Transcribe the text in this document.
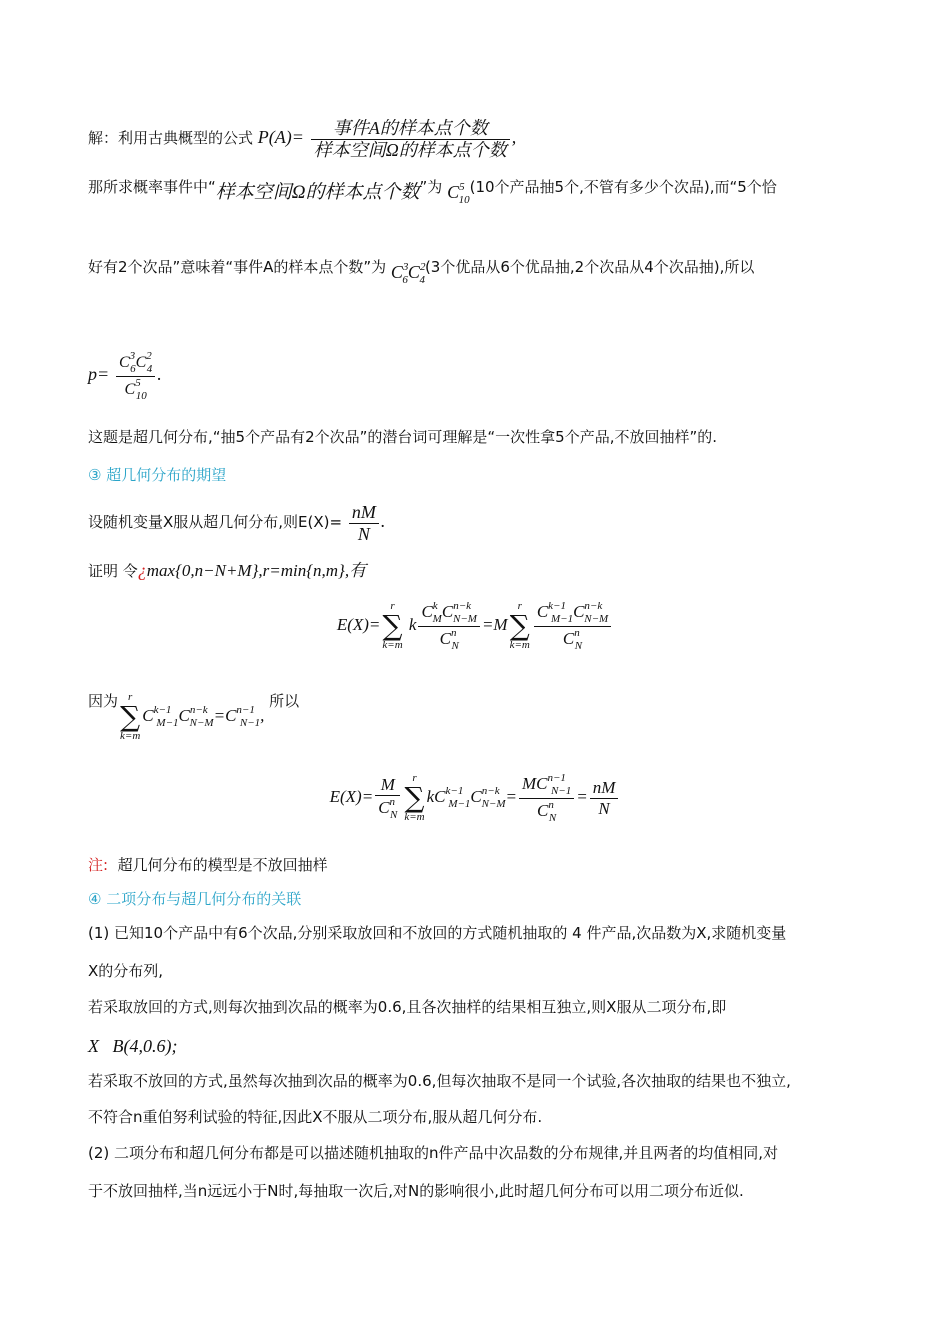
解：利用古典概型的公式 $P(A)= \frac{\text{事件A的样本点个数}}{\text{样本空间Ω的样本点个数}}$ ,
那所求概率事件中“样本空间Ω的样本点个数”为 $C^5_{10}(10$个产品抽5个,不管有多少个次品),而“5个恰
好有2个次品”意味着“事件A的样本点个数”为 $C^3_6C^2_4(3$个优品从6个优品抽,2个次品从4个次品抽),所以
$p= \frac{C^3_6C^2_4}{C^5_{10}}$ .
这题是超几何分布,“抽5个产品有2个次品”的潜台词可理解是“一次性拿5个产品,不放回抽样”的.
③ 超几何分布的期望
设随机变量X服从超几何分布,则$E(X)= \frac{nM}{N}$ .
证明 令¿max{0,n−N+M},r=min{n,m},有
E(X)=
r
∑
k=m
k $\frac{C^k_MC^{n-k}_{N-M}}{C^n_N} =M$
r
∑
$k=m \frac{C^{k-1}_{M-1}C^{n-k}_{N-M}}{C^n_N}$
因为 r
∑
k=m
$C^{k-1}_{M-1}C^{n-k}_{N-M}=C^{n-1}_{N-1}$, 所以
$E(X)= \frac{M}{C^n_N}$	r
∑
k=m
$kC^{k-1}_{M-1}C^{n-k}_{N-M}= \frac{MC^{n-1}_{N-1}}{C^n_N} = \frac{nM}{N}$
注: 超几何分布的模型是不放回抽样
④ 二项分布与超几何分布的关联
(1) 已知10个产品中有6个次品,分别采取放回和不放回的方式随机抽取的 4 件产品,次品数为X,求随机变量
X的分布列,
若采取放回的方式,则每次抽到次品的概率为0.6,且各次抽样的结果相互独立,则X服从二项分布,即
X   B(4,0.6);
若采取不放回的方式,虽然每次抽到次品的概率为0.6,但每次抽取不是同一个试验,各次抽取的结果也不独立,
不符合n重伯努利试验的特征,因此X不服从二项分布,服从超几何分布.
(2) 二项分布和超几何分布都是可以描述随机抽取的n件产品中次品数的分布规律,并且两者的均值相同,对
于不放回抽样,当n远远小于N时,每抽取一次后,对N的影响很小,此时超几何分布可以用二项分布近似.
